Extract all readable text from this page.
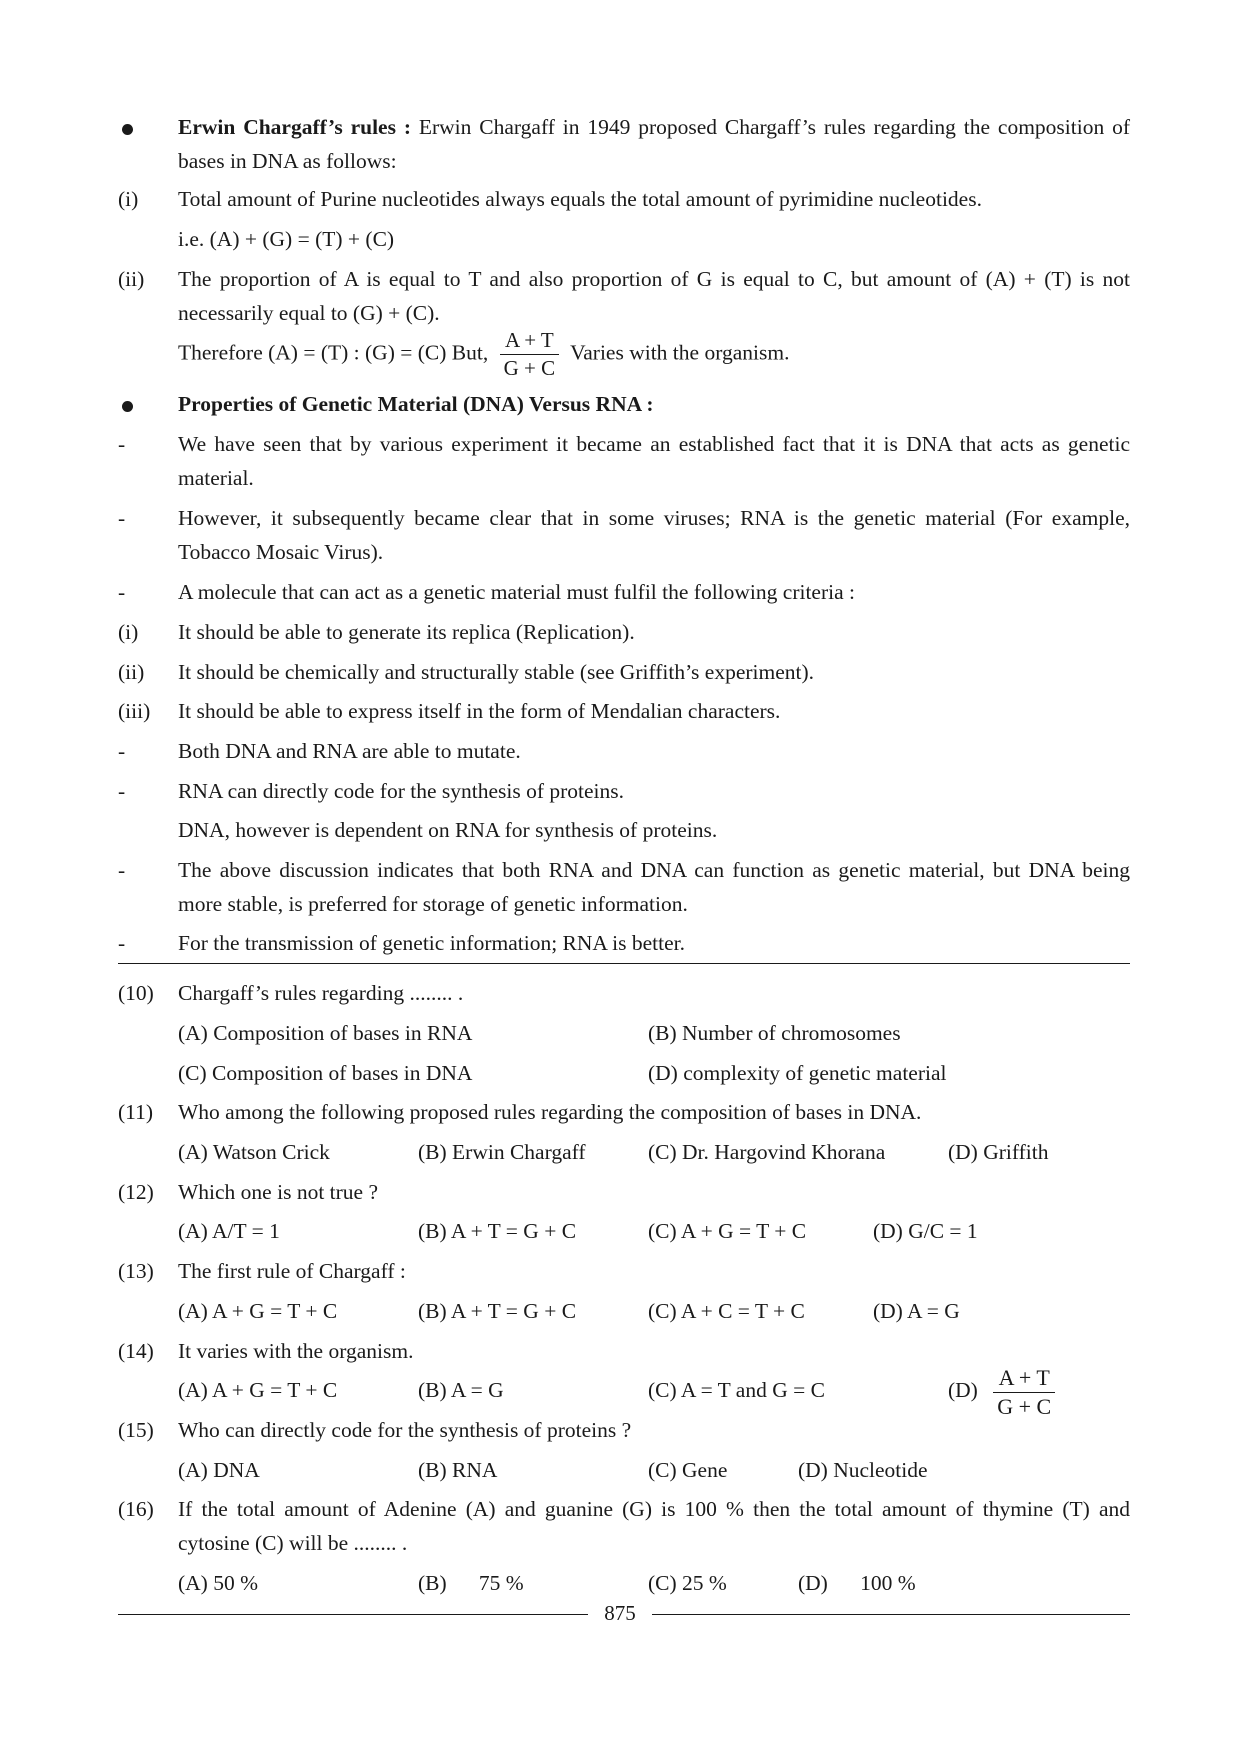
Erwin Chargaff’s rules : Erwin Chargaff in 1949 proposed Chargaff’s rules regarding the composition of bases in DNA as follows:
(i)	Total amount of Purine nucleotides always equals the total amount of pyrimidine nucleotides.
i.e. (A) + (G) = (T) + (C)
(ii)	The proportion of A is equal to T and also proportion of G is equal to C, but amount of (A) + (T) is not necessarily equal to (G) + (C).
Therefore (A) = (T) : (G) = (C) But, $\frac{A + T}{G + C}$ Varies with the organism.
Properties of Genetic Material (DNA) Versus RNA :
-	We have seen that by various experiment it became an established fact that it is DNA that acts as genetic material.
-	However, it subsequently became clear that in some viruses; RNA is the genetic material (For example, Tobacco Mosaic Virus).
-	A molecule that can act as a genetic material must fulfil the following criteria :
(i)	It should be able to generate its replica (Replication).
(ii)	It should be chemically and structurally stable (see Griffith’s experiment).
(iii)	It should be able to express itself in the form of Mendalian characters.
-	Both DNA and RNA are able to mutate.
-	RNA can directly code for the synthesis of proteins.
DNA, however is dependent on RNA for synthesis of proteins.
-	The above discussion indicates that both RNA and DNA can function as genetic material, but DNA being more stable, is preferred for storage of genetic information.
-	For the transmission of genetic information; RNA is better.
(10)	Chargaff’s rules regarding ........ .
(A) Composition of bases in RNA	(B) Number of chromosomes
(C) Composition of bases in DNA	(D) complexity of genetic material
(11)	Who among the following proposed rules regarding the composition of bases in DNA.
(A) Watson Crick	(B) Erwin Chargaff	(C) Dr. Hargovind Khorana	(D) Griffith
(12)	Which one is not true ?
(A) A/T = 1	(B) A + T = G + C	(C) A + G = T + C	(D) G/C = 1
(13)	The first rule of Chargaff :
(A) A + G = T + C	(B) A + T = G + C	(C) A + C = T + C	(D) A = G
(14)	It varies with the organism.
(A) A + G = T + C	(B) A = G	(C) A = T and G = C	$(D) \frac{A + T}{G + C}$
(15)	Who can directly code for the synthesis of proteins ?
(A) DNA	(B) RNA	(C) Gene	(D) Nucleotide
(16)	If the total amount of Adenine (A) and guanine (G) is 100 % then the total amount of thymine (T) and cytosine (C) will be ........ .
(A) 50 %	(B)      75 %	(C) 25 %	(D)      100 %
875
